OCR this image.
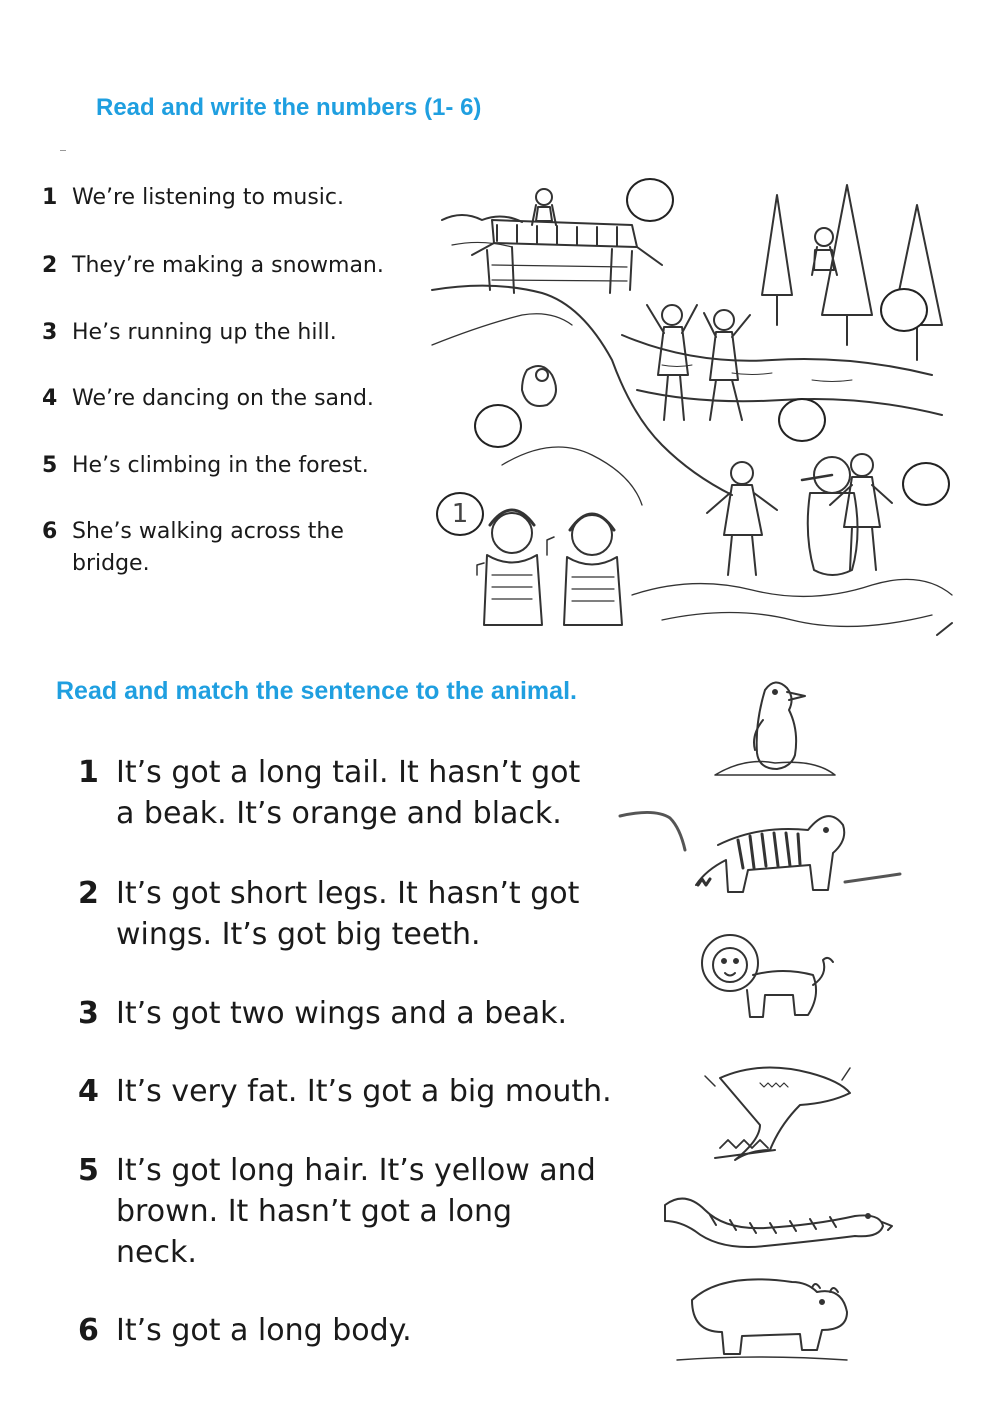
Read and write the numbers (1- 6)
1 We’re listening to music.
2 They’re making a snowman.
3 He’s running up the hill.
4 We’re dancing on the sand.
5 He’s climbing in the forest.
6 She’s walking across the
bridge.
1
Read and match the sentence to the animal.
1 It’s got a long tail. It hasn’t got
a beak. It’s orange and black.
2 It’s got short legs. It hasn’t got
wings. It’s got big teeth.
3 It’s got two wings and a beak.
4 It’s very fat. It’s got a big mouth.
5 It’s got long hair. It’s yellow and
brown. It hasn’t got a long
neck.
6 It’s got a long body.
